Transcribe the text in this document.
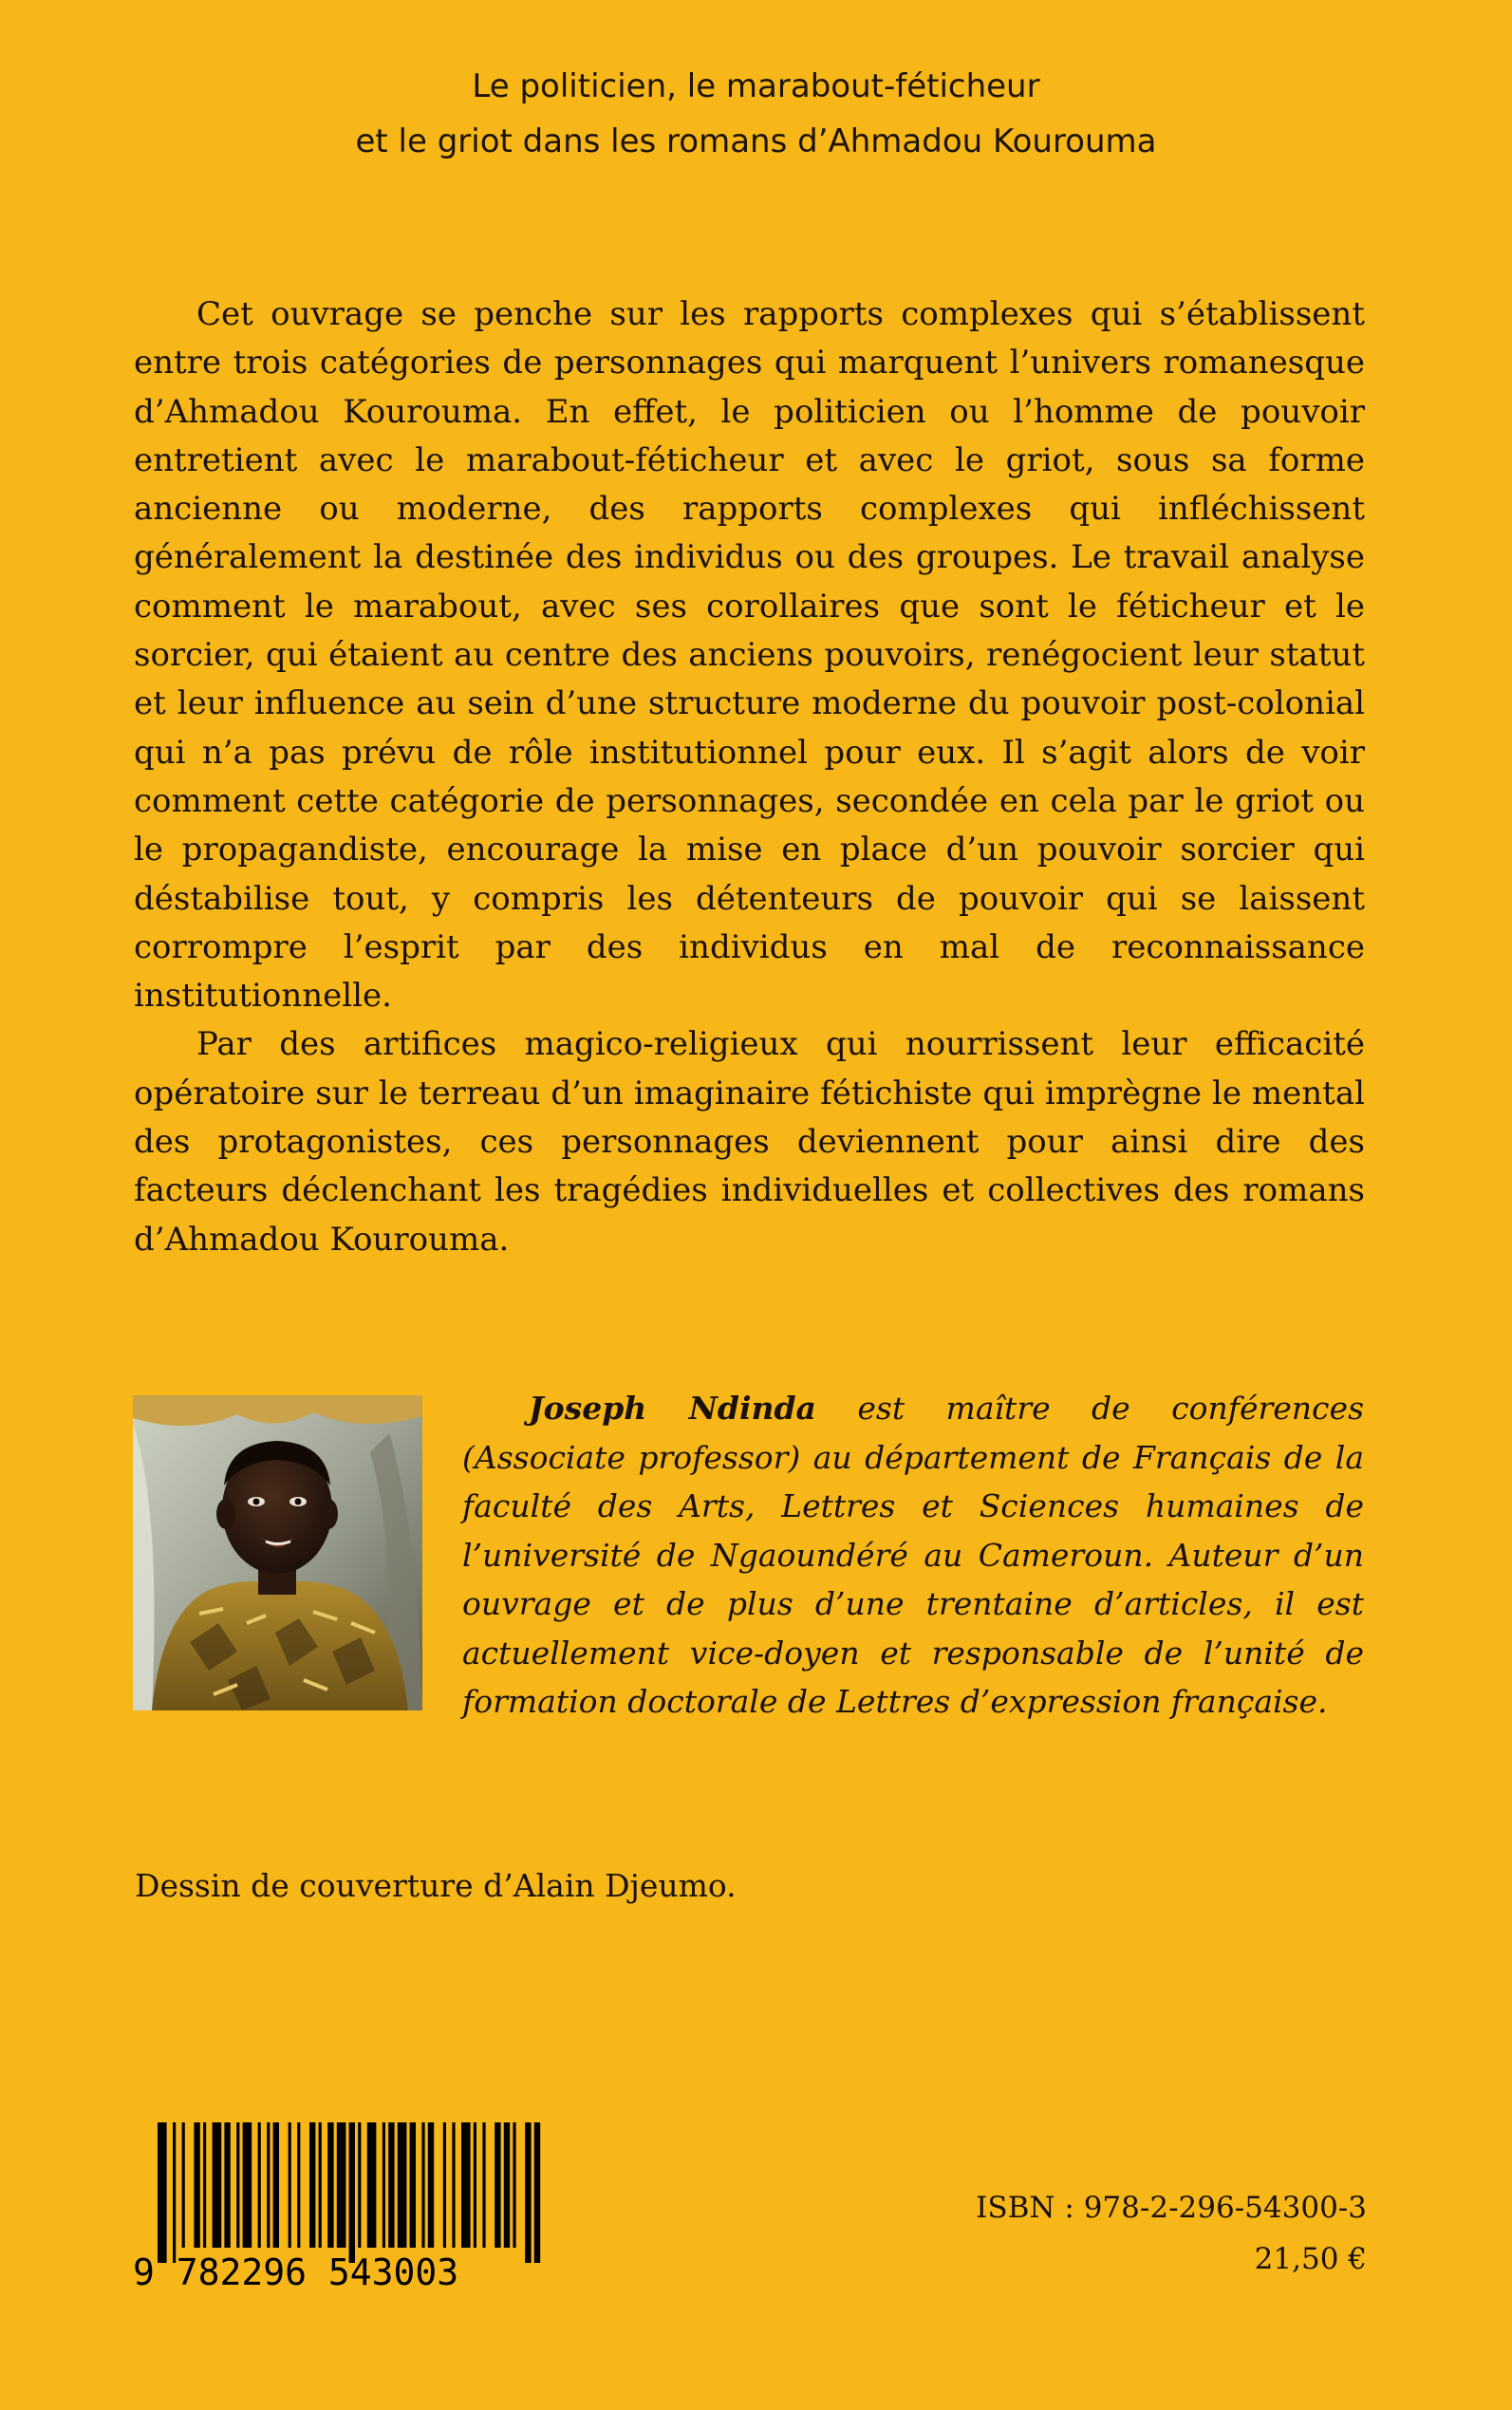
Le politicien, le marabout-féticheur
et le griot dans les romans d’Ahmadou Kourouma

Cet ouvrage se penche sur les rapports complexes qui s’établissent entre trois catégories de personnages qui marquent l’univers romanesque d’Ahmadou Kourouma. En effet, le politicien ou l’homme de pouvoir entretient avec le marabout-féticheur et avec le griot, sous sa forme ancienne ou moderne, des rapports complexes qui infléchissent généralement la destinée des individus ou des groupes. Le travail analyse comment le marabout, avec ses corollaires que sont le féticheur et le sorcier, qui étaient au centre des anciens pouvoirs, renégocient leur statut et leur influence au sein d’une structure moderne du pouvoir post-colonial qui n’a pas prévu de rôle institutionnel pour eux. Il s’agit alors de voir comment cette catégorie de personnages, secondée en cela par le griot ou le propagandiste, encourage la mise en place d’un pouvoir sorcier qui déstabilise tout, y compris les détenteurs de pouvoir qui se laissent corrompre l’esprit par des individus en mal de reconnaissance institutionnelle.

Par des artifices magico-religieux qui nourrissent leur efficacité opératoire sur le terreau d’un imaginaire fétichiste qui imprègne le mental des protagonistes, ces personnages deviennent pour ainsi dire des facteurs déclenchant les tragédies individuelles et collectives des romans d’Ahmadou Kourouma.

Joseph Ndinda est maître de conférences (Associate professor) au département de Français de la faculté des Arts, Lettres et Sciences humaines de l’université de Ngaoundéré au Cameroun. Auteur d’un ouvrage et de plus d’une trentaine d’articles, il est actuellement vice-doyen et responsable de l’unité de formation doctorale de Lettres d’expression française.

Dessin de couverture d’Alain Djeumo.
9 782296 543003
ISBN : 978-2-296-54300-3
21,50 €
